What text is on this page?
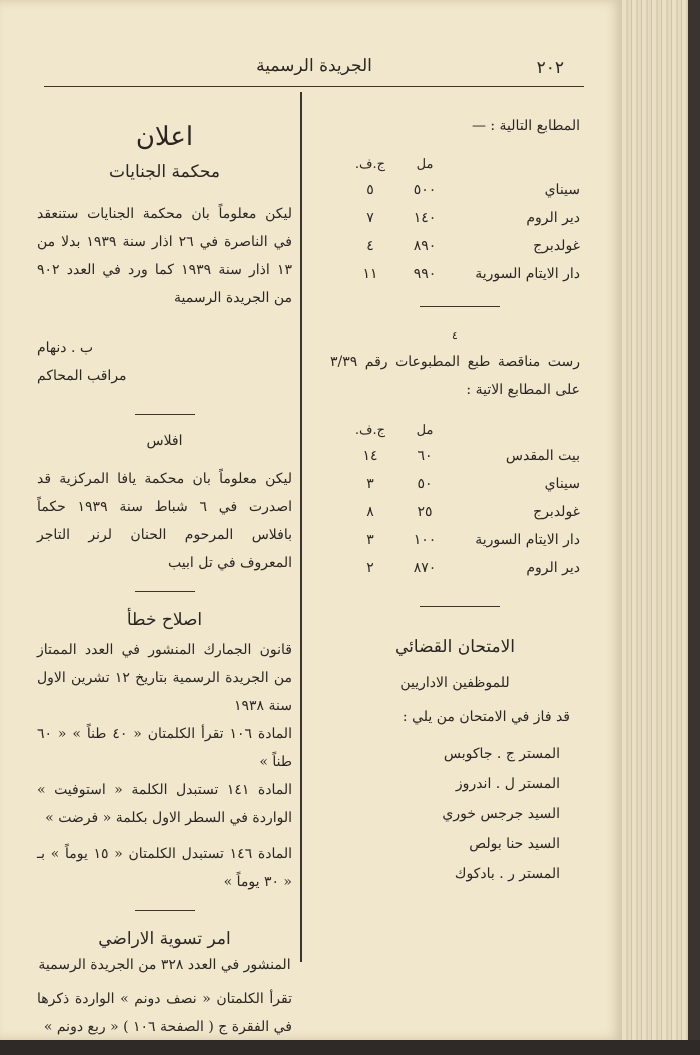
٢٠٢
الجريدة الرسمية
المطابع التالية : —
	مل	ج.ف.
سيناي	٥٠٠	٥
دير الروم	١٤٠	٧
غولدبرج	٨٩٠	٤
دار الايتام السورية	٩٩٠	١١
٤

رست مناقصة طبع المطبوعات رقم ٣/٣٩ على المطابع الاتية :

	مل	ج.ف.
بيت المقدس	٦٠	١٤
سيناي	٥٠	٣
غولدبرج	٢٥	٨
دار الايتام السورية	١٠٠	٣
دير الروم	٨٧٠	٢
الامتحان القضائي
للموظفين الاداريين
قد فاز في الامتحان من يلي :
المستر ج . جاكوبس
المستر ل . اندروز
السيد جرجس خوري
السيد حنا بولص
المستر ر . بادكوك
اعلان
محكمة الجنايات

ليكن معلوماً بان محكمة الجنايات ستنعقد في الناصرة في ٢٦ اذار سنة ١٩٣٩ بدلا من ١٣ اذار سنة ١٩٣٩ كما ورد في العدد ٩٠٢ من الجريدة الرسمية

ب . دنهام
مراقب المحاكم
افلاس

ليكن معلوماً بان محكمة يافا المركزية قد اصدرت في ٦ شباط سنة ١٩٣٩ حكماً بافلاس المرحوم الحنان لرنر التاجر المعروف في تل ابيب

اصلاح خطأ

قانون الجمارك المنشور في العدد الممتاز من الجريدة الرسمية بتاريخ ١٢ تشرين الاول سنة ١٩٣٨

المادة ١٠٦ تقرأ الكلمتان « ٤٠ طناً » « ٦٠ طناً »

المادة ١٤١ تستبدل الكلمة « استوفيت » الواردة في السطر الاول بكلمة « فرضت »

المادة ١٤٦ تستبدل الكلمتان « ١٥ يوماً » بـ « ٣٠ يوماً »

امر تسوية الاراضي
المنشور في العدد ٣٢٨ من الجريدة الرسمية

تقرأ الكلمتان « نصف دونم » الواردة ذكرها في الفقرة ج ( الصفحة ١٠٦ ) « ربع دونم »
